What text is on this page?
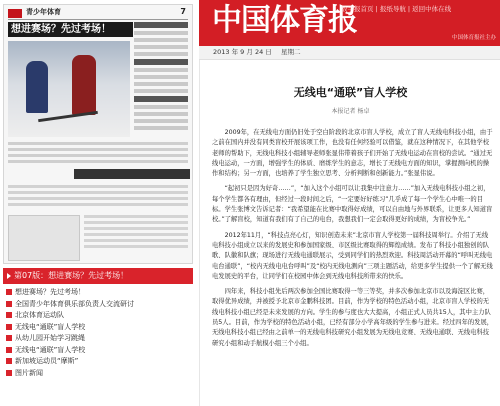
青少年体育	7
想进赛场？先过考场！
第07版：想进赛场？先过考场！
想进赛场？先过考场！
全国青少年体育俱乐部负责人交流研讨
北京体育运动队
无线电“通联”盲人学校
从幼儿园开始学习跳绳
无线电“通联”盲人学校
新加坡运动员“摩斯”
图片新闻
中国体育报
数字报首页 | 报纸导航 | 返回中体在线
中国体育报社主办
2013 年 9 月 24 日 星期二
无线电“通联”盲人学校
本报记者 杨卓

2009年，在无线电方面仍旧处于空白阶段的北京市盲人学校，成立了盲人无线电科技小组，由于之前在国内并没有同类盲校开展该项工作，也没有任何经验可以借鉴，就在这种情况下，在其他学校老师的帮助下，无线电科技小组辅导老师张显伟带着孩子们开始了无线电运动在盲校的尝试。“通过无线电运动，一方面，增强学生的体质、磨练学生的意志，增长了无线电方面的知识，掌握测向机的操作和结构；另一方面，也培养了学生独立思考、分析判断和创新能力。”张显伟说。

“起初只是因为好奇……”，“加入这个小组可以让我集中注意力……”加入无线电科技小组之初，每个学生都各有理由，但经过一段时间之后，“一定要好好练习”几乎成了每一个学生心中唯一的目标。学生张博文告诉记者：“我希望能在比赛中取得好成绩，可以自由地与外界联系，让更多人知道盲校。”了解盲校，知道有我们有了自己的电台，我想我们一定会取得更好的成绩，为盲校争光。”

2012年11月，“科技点亮心灯，知识创造未来”北京市盲人学校第一届科技周举行。介绍了无线电科技小组成立以来的发展史和参加国家级、市区级比赛取得的辉煌成绩。发布了科技小组独创的队歌、队徽和队旗；现场进行无线电通联展示，受到同学们的热烈欢迎。科技周活动开幕的“呼叫无线电电台通联”，“校内无线电电台呼叫”及“校内无线电测向”三项主题活动，给更多学生提供一个了解无线电发展史的平台，让同学们在校园中体会到无线电科技所带来的快乐。

四年来，科技小组先后两次参加全国比赛取得一等三等奖，并多次参加北京市以及海淀区比赛，取得优异成绩，并被授予北京市金鹏科技团。目前，作为学校的特色活动小组，北京市盲人学校的无线电科技小组已经是未来发展的方向。学生的参与度也大大提高，小组正式人员共15人，其中主力队员5人。目前，作为学校的特色活动小组，已经有部分小学高年级的学生参与进来。经过四年的发展，无线电科技小组已经由之前单一的无线电科技研究小组发展为无线电竞赛、无线电通联、无线电科技研究小组和动手航模小组三个小组。
